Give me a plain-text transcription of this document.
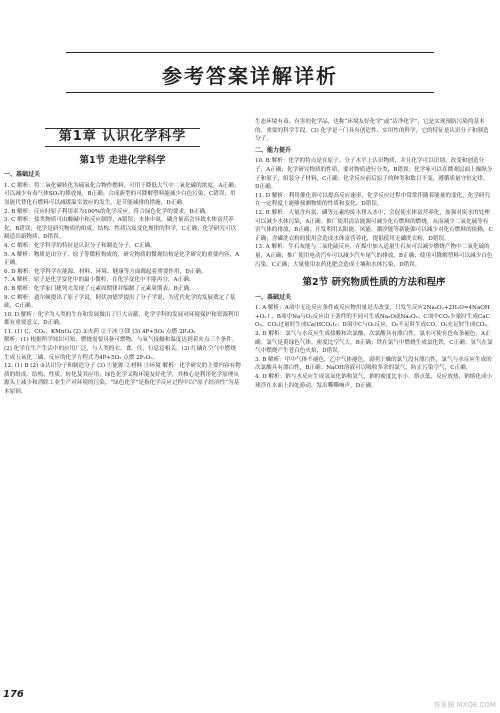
参考答案详解详析
第1章 认识化学科学
第1节 走进化学科学
一、基础过关

1. C 解析：将二氧化碳转化为硫氧化合物作燃料，可用于降低大气中二氧化碳的浓度，A正确；可以减少有毒气体SO₂的排放量，B正确；合成新型的可降解塑料能减少白色污染，C错误；用氢能代替化石燃料可以减缓温室效应的发生，是节能减排的措施，D正确。

2. B 解析：反应时原子利用率为100%的化学反应，符合绿色化学的要求，B正确。

3. C 解析：盐类物质可由酸碱中和反应制得，A错误；水体中氮、磷含量高会导致水体富营养化，B错误；化学是研究物质的组成、结构、性质以及变化规律的科学，C正确；化学研究可以制造出新物质，D错误。

4. C 解析：化学科学的特征是认识分子和制造分子，C正确。

5. A 解析：物质是由分子、原子等微粒构成的，研究物质的微观结构是化学研究的重要内容，A正确。

6. D 解析：化学科学在能源、材料、环境、健康等方面都起着重要作用，D正确。

7. A 解析：原子是化学变化中的最小微粒，在化学变化中不能再分，A正确。

8. B 解析：化学家门捷列夫发现了元素周期律并编制了元素周期表，B正确。

9. C 解析：道尔顿提出了原子学说，阿伏加德罗提出了分子学说，为近代化学的发展奠定了基础，C正确。

10. D 解析：化学为人类的生存和发展做出了巨大贡献，化学学科的发展对环境保护和资源利用都有重要意义，D正确。

11. (1) C、CO₂、KMnO₄ (2) ①火药 ②干冰 ③镁 (3) 4P+5O₂ 点燃 2P₂O₅

解析：(1) 根据所学知识可知，燃烧需要具备可燃物、与氧气接触和温度达到着火点三个条件。(2) 化学在生产生活中的应用广泛，与人类的衣、食、住、行息息相关。(3) 红磷在空气中燃烧生成五氧化二磷，反应的化学方程式为4P+5O₂ 点燃 2P₂O₅。

12. (1) B (2) ③认识分子和制造分子 (3) ①能源 ②材料 ③环境 解析：化学研究的主要内容有物质的组成、结构、性质、转化及其应用；绿色化学又称环境友好化学，其核心是利用化学原理从源头上减少和消除工业生产对环境的污染，“绿色化学”是指化学反应过程中以“原子经济性”为基本原则。

生态环境有毒、有害的化学品，也称“环境友好化学”或“洁净化学”，它是实现预防污染的基本的、重要的科学手段。(3) 化学是一门具有创造性、实用性的科学，它的特征是认识分子和制造分子。

二、能力提升

10. B 解析：化学的特点是在原子、分子水平上认识物质，并且化学可以识别、改变和创造分子，A正确；化学研究物质的性质，要对物质进行分类，B错误；化学家可以在微观层面上操纵分子和原子，组装分子材料，C正确；化学反应前后原子的种类和数目不变，遵循质量守恒定律，D正确。

11. D 解析：利用催化剂可以提高反应速率，化学反应过程中常常伴随着能量的变化，化学研究在一定程度上能够预测物质的性质和变化，D错误。

12. B 解析：大量含有氮、磷等元素的废水排入水中，会促使水体富营养化，加强对废水的处理可以减少水体污染，A正确；推广使用清洁能源可减少化石燃料的燃烧，从而减少二氧化硫等有害气体的排放，B正确；开发利用太阳能、风能、潮汐能等新能源可以减少对化石燃料的依赖，C正确；含磷洗衣粉的使用会造成水体富营养化，提倡使用无磷洗衣粉，D错误。

13. A 解析：生石灰能与二氧化硫反应，在煤中加入适量生石灰可以减少燃烧产物中二氧化硫的量，A正确；推广使用电动汽车可以减少汽车尾气的排放，B正确；使用可降解塑料可以减少白色污染，C正确；大量使用农药化肥会造成土壤和水体污染，D错误。

第2节 研究物质性质的方法和程序
一、基础过关

1. A 解析：A项中无论反应条件或反应物用量是否改变，只发生反应2Na₂O₂+2H₂O=4NaOH+O₂↑，B项中Na与O₂反应由于条件的不同可生成Na₂O或Na₂O₂；C项中CO₂少量时生成CaCO₃，CO₂过量时生成Ca(HCO₃)₂；D项中C与O₂反应，O₂不足时生成CO，O₂充足时生成CO₂。

2. D 解析：氯气与水反应生成盐酸和次氯酸，次氯酸具有漂白性，氯水可使有色布条褪色，A正确；氯气是黄绿色气体，密度比空气大，B正确；铁在氯气中燃烧生成氯化铁，C正确；氢气在氯气中燃烧产生苍白色火焰，D错误。

3. B 解析：甲中气体不褪色，乙中气体褪色，说明干燥的氯气没有漂白性，氯气与水反应生成的次氯酸具有漂白性，B正确；NaOH溶液可以吸收多余的氯气，防止污染空气，C正确。

4. D 解析：钠与水反应生成氢氧化钠和氢气，钠的密度比水小，熔点低，反应放热，钠熔化成小球浮在水面上四处游动，发出嘶嘶响声，D正确。

176
答案圈 MXQE.COM
